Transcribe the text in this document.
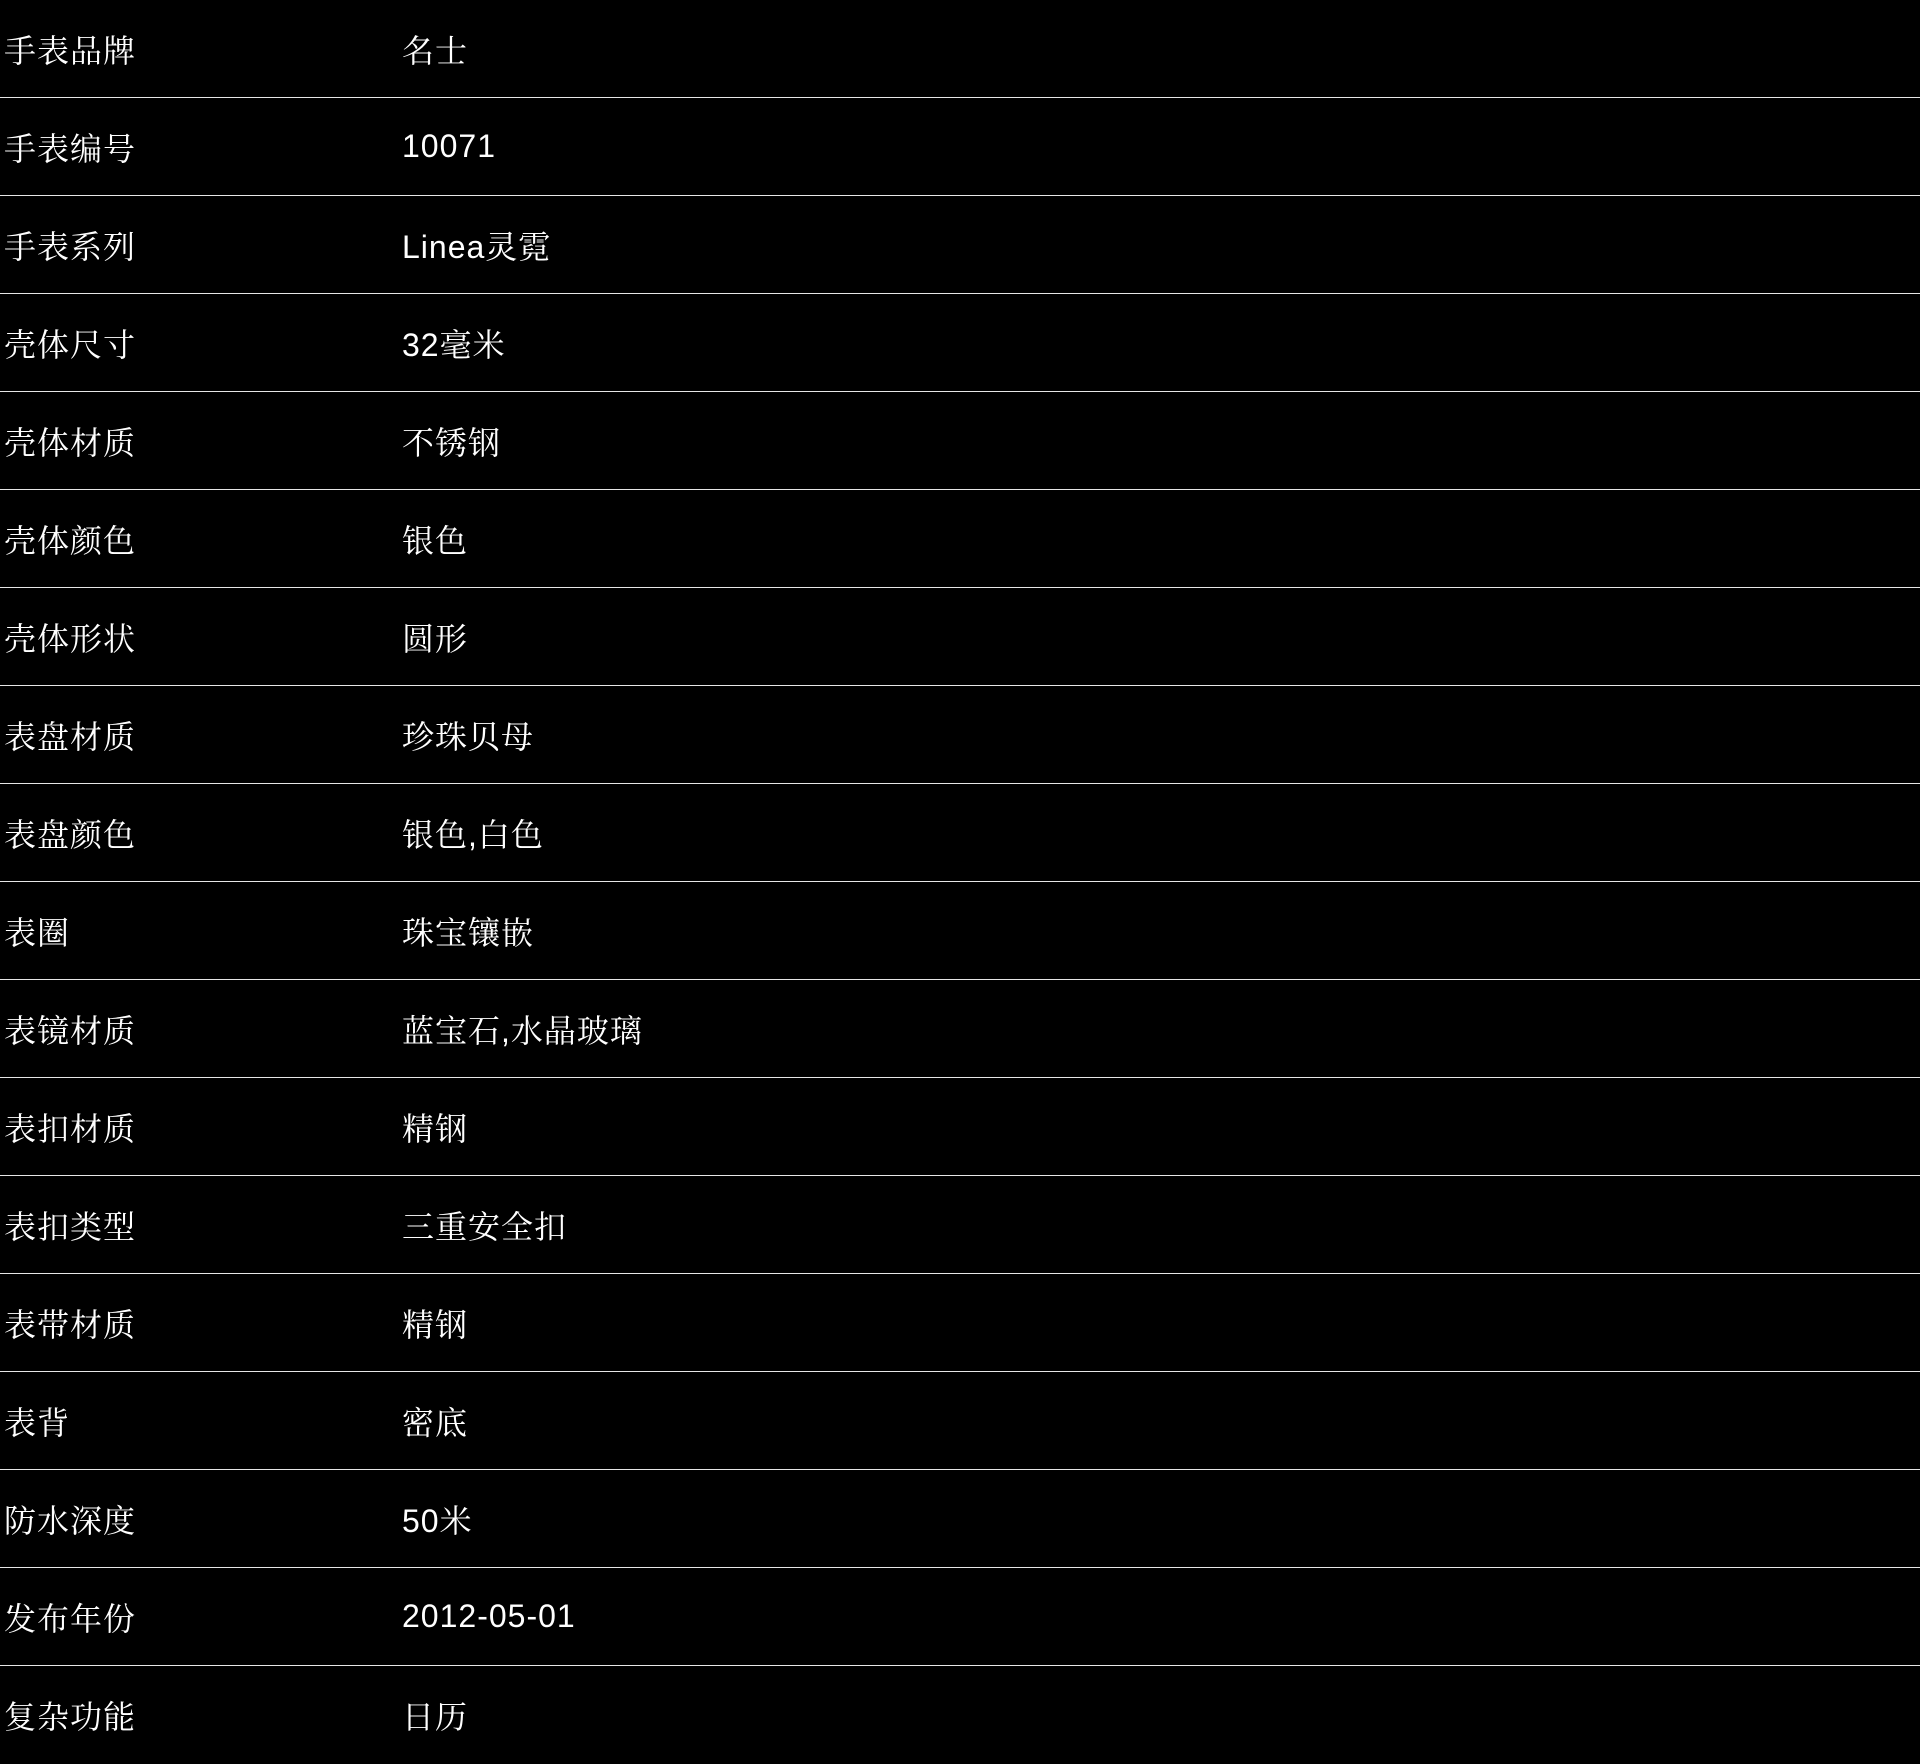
手表品牌	名士
手表编号	10071
手表系列	Linea灵霓
壳体尺寸	32毫米
壳体材质	不锈钢
壳体颜色	银色
壳体形状	圆形
表盘材质	珍珠贝母
表盘颜色	银色,白色
表圈	珠宝镶嵌
表镜材质	蓝宝石,水晶玻璃
表扣材质	精钢
表扣类型	三重安全扣
表带材质	精钢
表背	密底
防水深度	50米
发布年份	2012-05-01
复杂功能	日历
